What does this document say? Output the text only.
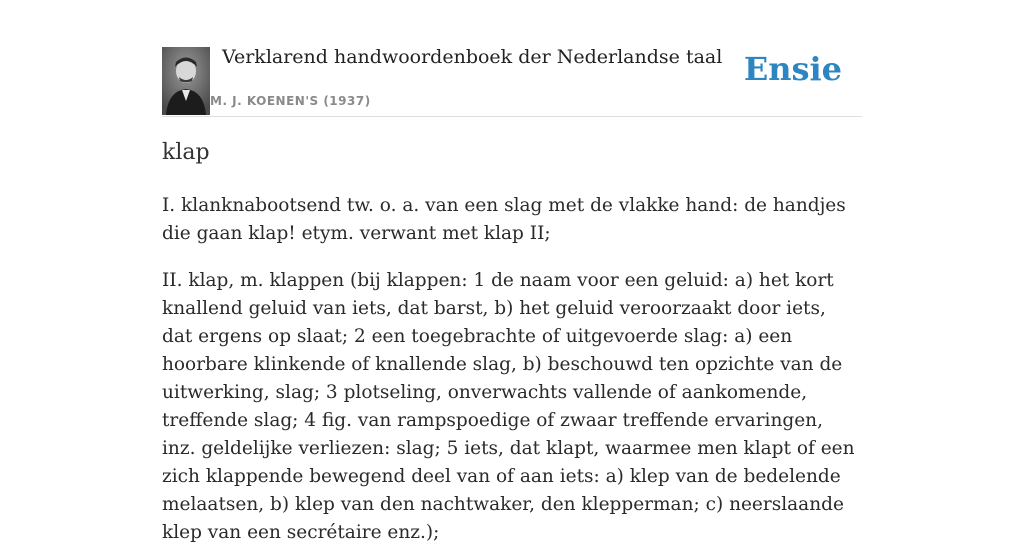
Verklarend handwoordenboek der Nederlandse taal
M. J. KOENEN'S (1937)
Ensie
klap

I. klanknabootsend tw. o. a. van een slag met de vlakke hand: de handjes die gaan klap! etym. verwant met klap II;

II. klap, m. klappen (bij klappen: 1 de naam voor een geluid: a) het kort knallend geluid van iets, dat barst, b) het geluid veroorzaakt door iets, dat ergens op slaat; 2 een toegebrachte of uitgevoerde slag: a) een hoorbare klinkende of knallende slag, b) beschouwd ten opzichte van de uitwerking, slag; 3 plotseling, onverwachts vallende of aankomende, treffende slag; 4 fig. van rampspoedige of zwaar treffende ervaringen, inz. geldelijke verliezen: slag; 5 iets, dat klapt, waarmee men klapt of een zich klappende bewegend deel van of aan iets: a) klep van de bedelende melaatsen, b) klep van den nachtwaker, den klepperman; c) neerslaande klep van een secrétaire enz.);
